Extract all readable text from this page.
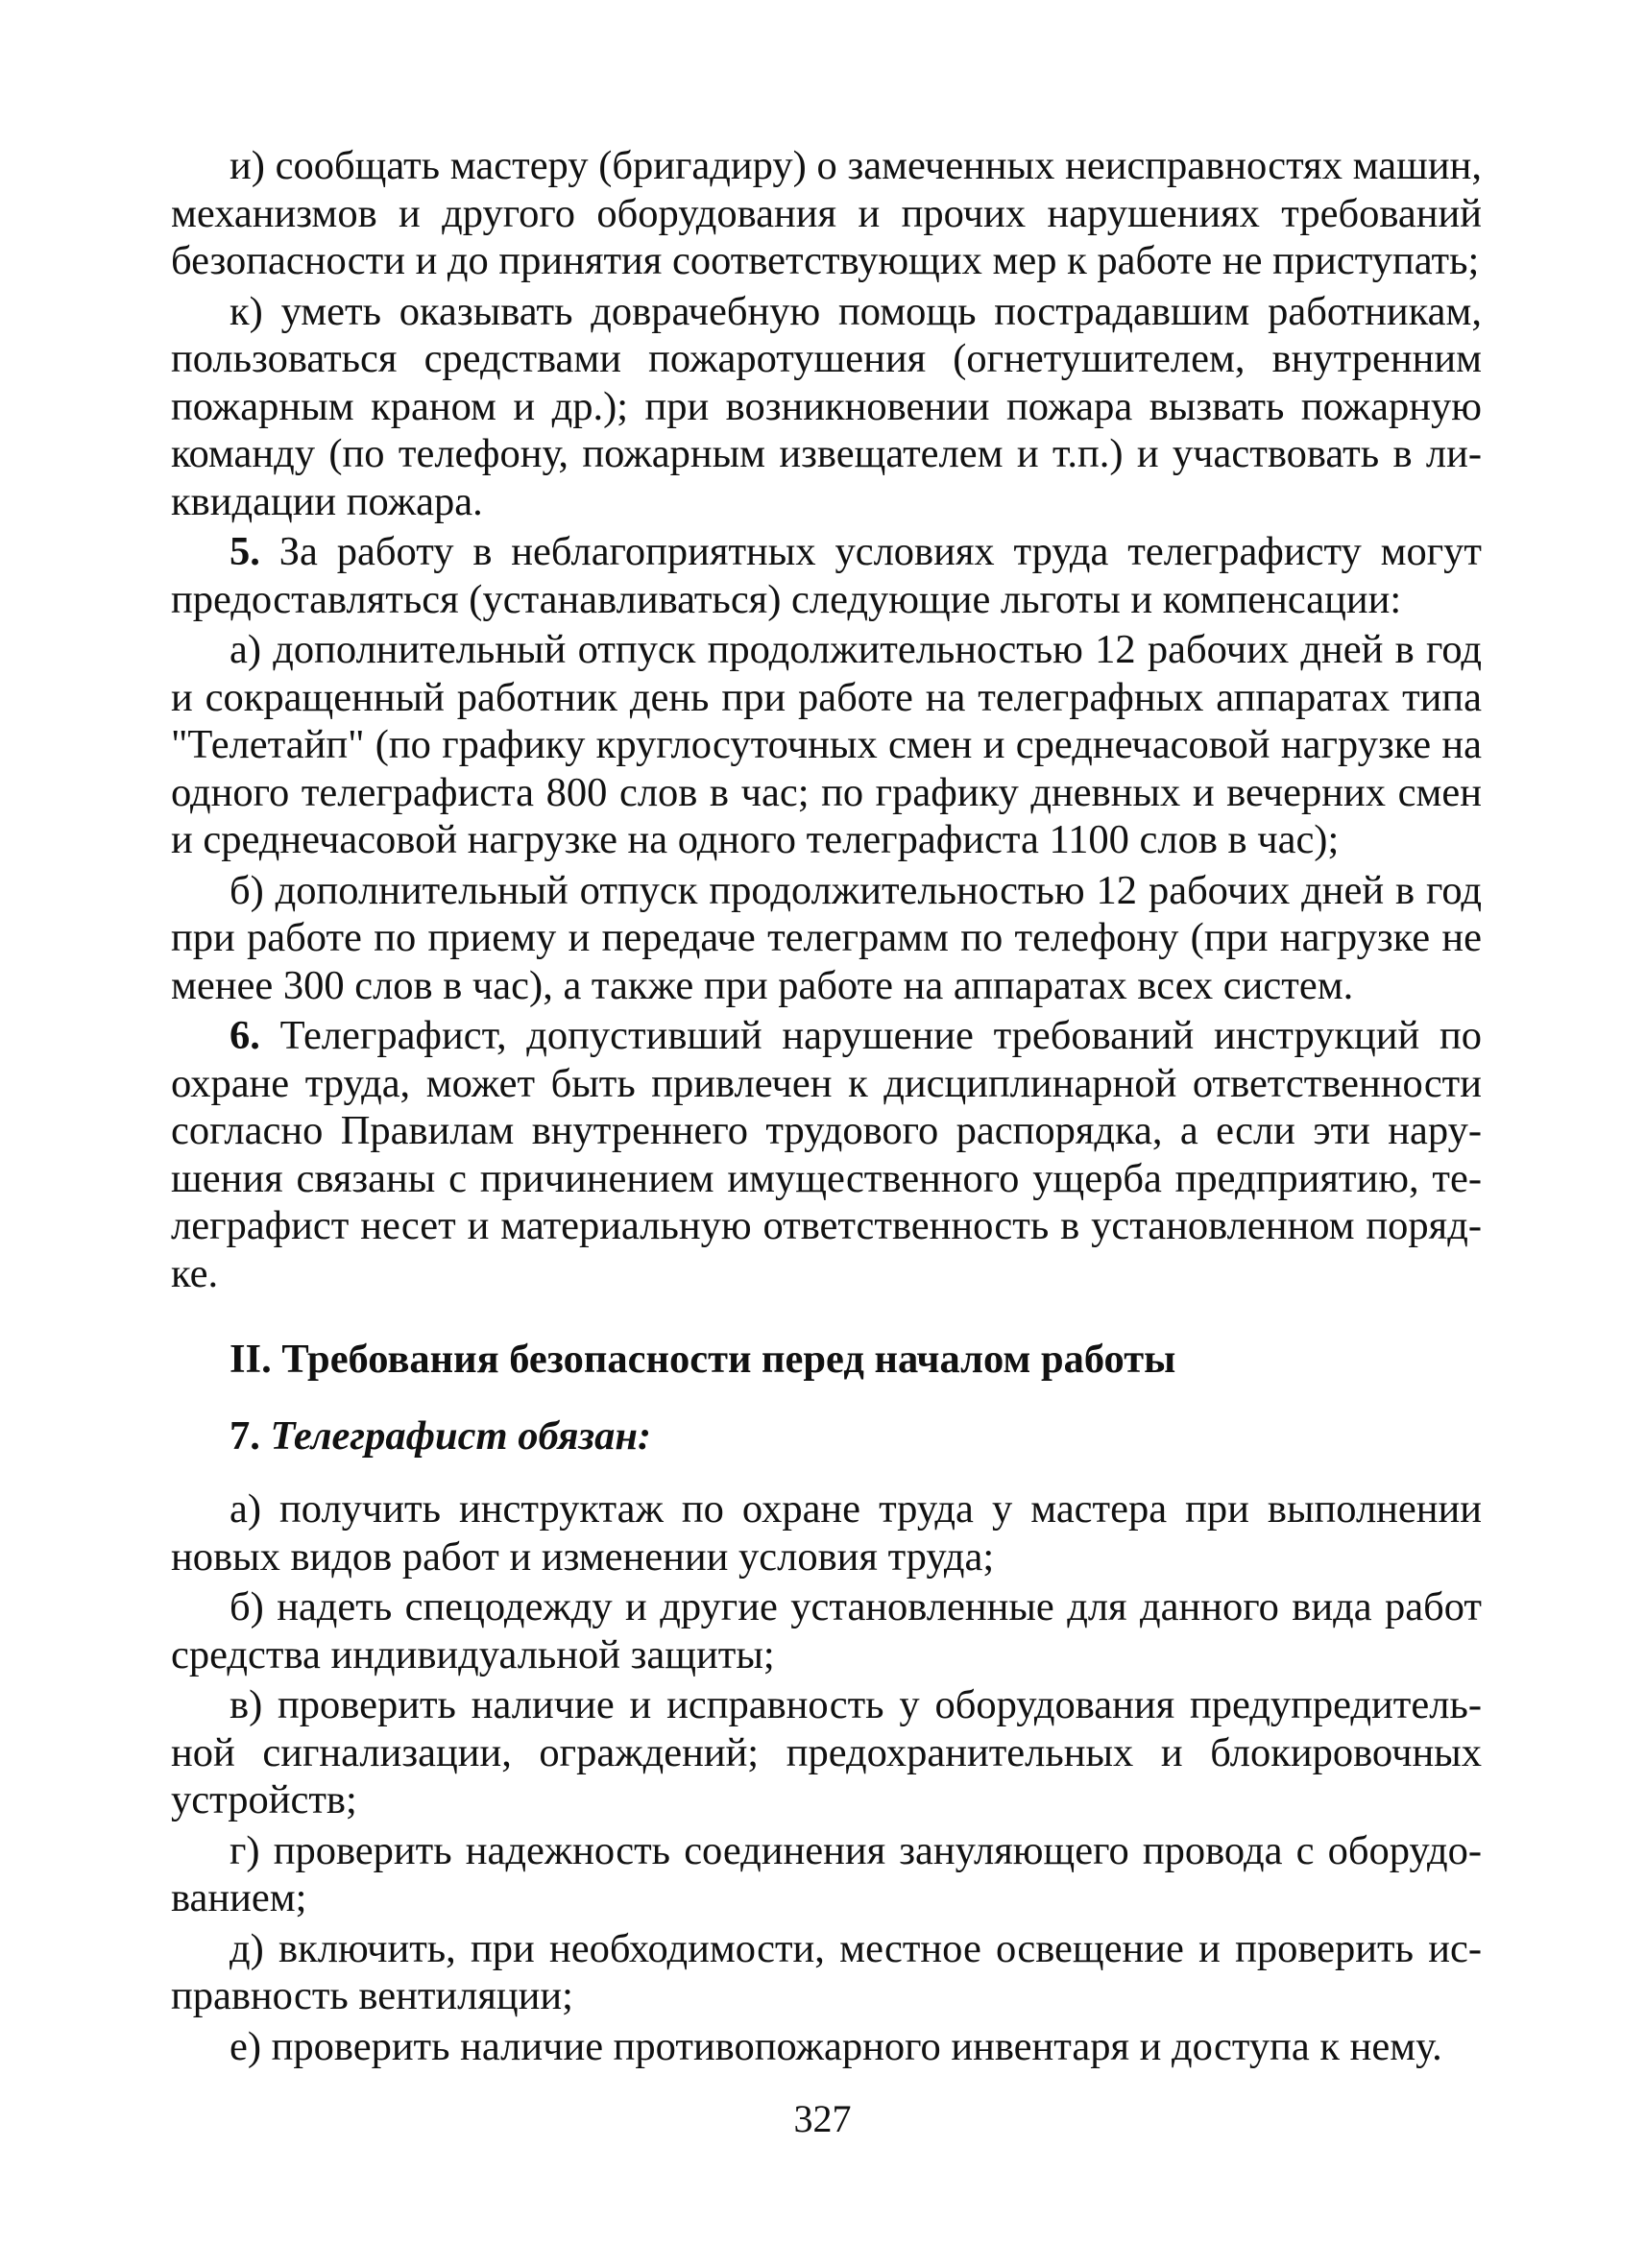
и) сообщать мастеру (бригадиру) о замеченных неисправностях машин, механизмов и другого оборудования и прочих нарушениях требований безопасности и до принятия соответствующих мер к работе не приступать;

к) уметь оказывать доврачебную помощь пострадавшим работникам, пользоваться средствами пожаротушения (огнетушителем, внутренним пожарным краном и др.); при возникновении пожара вызвать пожарную команду (по телефону, пожарным извещателем и т.п.) и участвовать в ликвидации пожара.

5. За работу в неблагоприятных условиях труда телеграфисту могут предоставляться (устанавливаться) следующие льготы и компенсации:

а) дополнительный отпуск продолжительностью 12 рабочих дней в год и сокращенный работник день при работе на телеграфных аппаратах типа "Телетайп" (по графику круглосуточных смен и среднечасовой нагрузке на одного телеграфиста 800 слов в час; по графику дневных и вечерних смен и среднечасовой нагрузке на одного телеграфиста 1100 слов в час);

б) дополнительный отпуск продолжительностью 12 рабочих дней в год при работе по приему и передаче телеграмм по телефону (при нагрузке не менее 300 слов в час), а также при работе на аппаратах всех систем.

6. Телеграфист, допустивший нарушение требований инструкций по охране труда, может быть привлечен к дисциплинарной ответственности согласно Правилам внутреннего трудового распорядка, а если эти нарушения связаны с причинением имущественного ущерба предприятию, телеграфист несет и материальную ответственность в установленном порядке.

II. Требования безопасности перед началом работы

7. Телеграфист обязан:

а) получить инструктаж по охране труда у мастера при выполнении новых видов работ и изменении условия труда;

б) надеть спецодежду и другие установленные для данного вида работ средства индивидуальной защиты;

в) проверить наличие и исправность у оборудования предупредительной сигнализации, ограждений; предохранительных и блокировочных устройств;

г) проверить надежность соединения зануляющего провода с оборудованием;

д) включить, при необходимости, местное освещение и проверить исправность вентиляции;

е) проверить наличие противопожарного инвентаря и доступа к нему.

327
